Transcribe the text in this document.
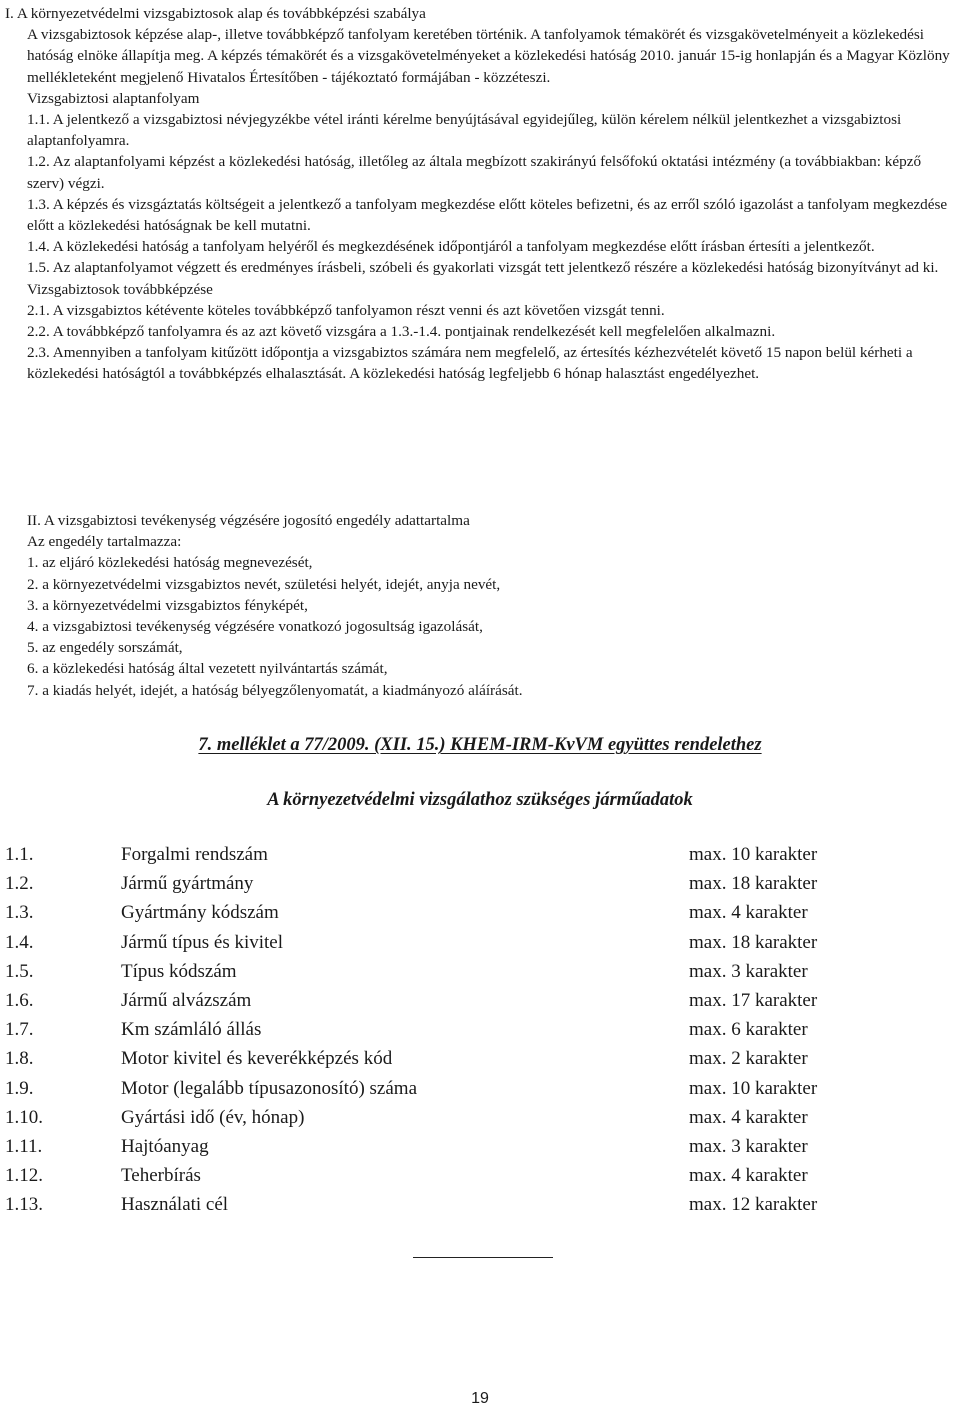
I. A környezetvédelmi vizsgabiztosok alap és továbbképzési szabálya

A vizsgabiztosok képzése alap-, illetve továbbképző tanfolyam keretében történik. A tanfolyamok témakörét és vizsgakövetelményeit a közlekedési hatóság elnöke állapítja meg. A képzés témakörét és a vizsgakövetelményeket a közlekedési hatóság 2010. január 15-ig honlapján és a Magyar Közlöny mellékleteként megjelenő Hivatalos Értesítőben - tájékoztató formájában - közzéteszi.

Vizsgabiztosi alaptanfolyam

1.1. A jelentkező a vizsgabiztosi névjegyzékbe vétel iránti kérelme benyújtásával egyidejűleg, külön kérelem nélkül jelentkezhet a vizsgabiztosi alaptanfolyamra.

1.2. Az alaptanfolyami képzést a közlekedési hatóság, illetőleg az általa megbízott szakirányú felsőfokú oktatási intézmény (a továbbiakban: képző szerv) végzi.

1.3. A képzés és vizsgáztatás költségeit a jelentkező a tanfolyam megkezdése előtt köteles befizetni, és az erről szóló igazolást a tanfolyam megkezdése előtt a közlekedési hatóságnak be kell mutatni.

1.4. A közlekedési hatóság a tanfolyam helyéről és megkezdésének időpontjáról a tanfolyam megkezdése előtt írásban értesíti a jelentkezőt.

1.5. Az alaptanfolyamot végzett és eredményes írásbeli, szóbeli és gyakorlati vizsgát tett jelentkező részére a közlekedési hatóság bizonyítványt ad ki.

Vizsgabiztosok továbbképzése

2.1. A vizsgabiztos kétévente köteles továbbképző tanfolyamon részt venni és azt követően vizsgát tenni.

2.2. A továbbképző tanfolyamra és az azt követő vizsgára a 1.3.-1.4. pontjainak rendelkezését kell megfelelően alkalmazni.

2.3. Amennyiben a tanfolyam kitűzött időpontja a vizsgabiztos számára nem megfelelő, az értesítés kézhezvételét követő 15 napon belül kérheti a közlekedési hatóságtól a továbbképzés elhalasztását. A közlekedési hatóság legfeljebb 6 hónap halasztást engedélyezhet.

II. A vizsgabiztosi tevékenység végzésére jogosító engedély adattartalma

Az engedély tartalmazza:

1. az eljáró közlekedési hatóság megnevezését,

2. a környezetvédelmi vizsgabiztos nevét, születési helyét, idejét, anyja nevét,

3. a környezetvédelmi vizsgabiztos fényképét,

4. a vizsgabiztosi tevékenység végzésére vonatkozó jogosultság igazolását,

5. az engedély sorszámát,

6. a közlekedési hatóság által vezetett nyilvántartás számát,

7. a kiadás helyét, idejét, a hatóság bélyegzőlenyomatát, a kiadmányozó aláírását.

7. melléklet a 77/2009. (XII. 15.) KHEM-IRM-KvVM együttes rendelethez
A környezetvédelmi vizsgálathoz szükséges járműadatok
1.1.	Forgalmi rendszám	max. 10 karakter
1.2.	Jármű gyártmány	max. 18 karakter
1.3.	Gyártmány kódszám	max. 4 karakter
1.4.	Jármű típus és kivitel	max. 18 karakter
1.5.	Típus kódszám	max. 3 karakter
1.6.	Jármű alvázszám	max. 17 karakter
1.7.	Km számláló állás	max. 6 karakter
1.8.	Motor kivitel és keverékképzés kód	max. 2 karakter
1.9.	Motor (legalább típusazonosító) száma	max. 10 karakter
1.10.	Gyártási idő (év, hónap)	max. 4 karakter
1.11.	Hajtóanyag	max. 3 karakter
1.12.	Teherbírás	max. 4 karakter
1.13.	Használati cél	max. 12 karakter
19
